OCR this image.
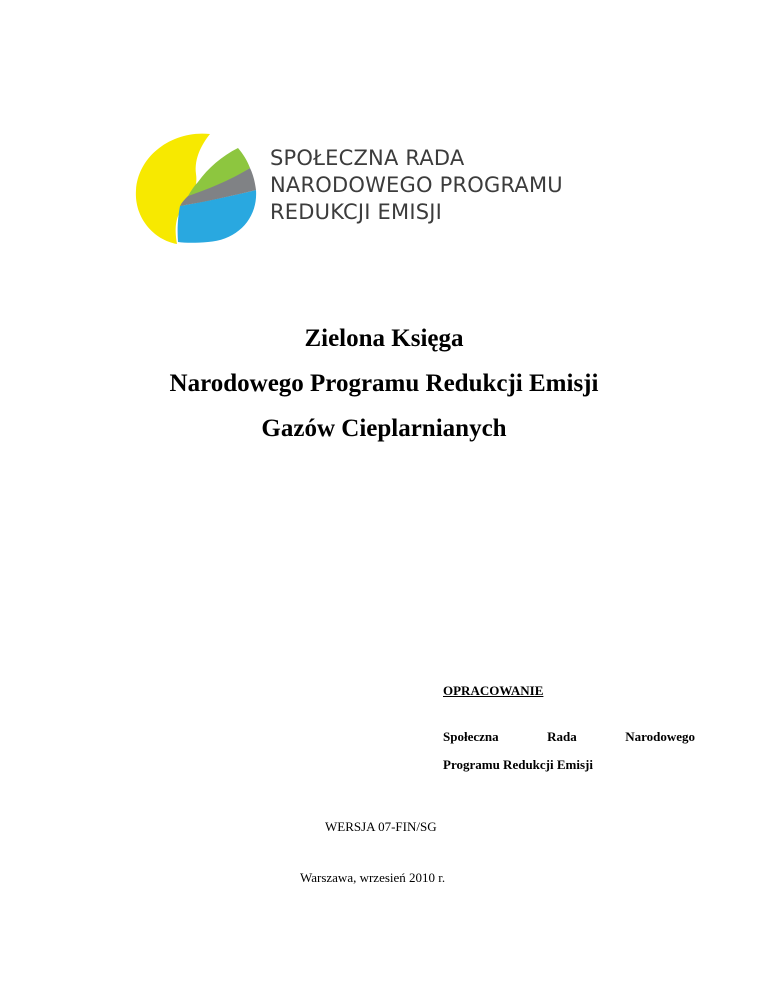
SPOŁECZNA RADA
NARODOWEGO PROGRAMU
REDUKCJI EMISJI
Zielona Księga
Narodowego Programu Redukcji Emisji
Gazów Cieplarnianych
OPRACOWANIE
Społeczna	Rada	Narodowego
Programu Redukcji Emisji
WERSJA 07-FIN/SG
Warszawa, wrzesień 2010 r.
